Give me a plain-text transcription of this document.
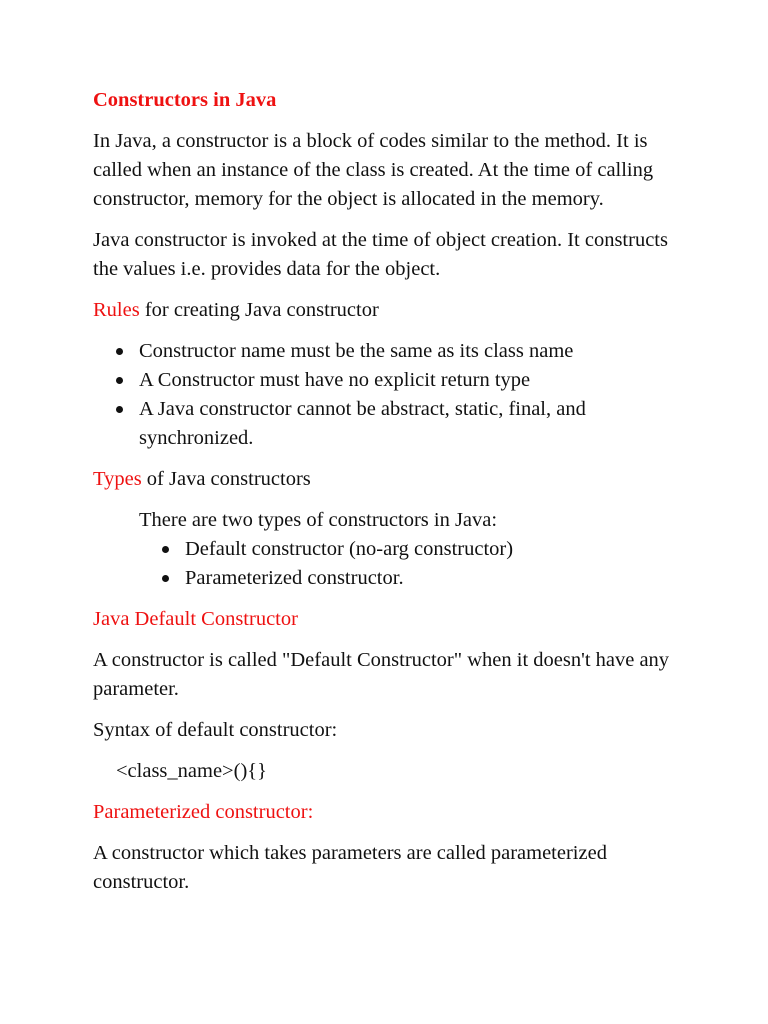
Constructors in Java

In Java, a constructor is a block of codes similar to the method. It is called when an instance of the class is created. At the time of calling constructor, memory for the object is allocated in the memory.

Java constructor is invoked at the time of object creation. It constructs the values i.e. provides data for the object.

Rules for creating Java constructor

Constructor name must be the same as its class name
A Constructor must have no explicit return type
A Java constructor cannot be abstract, static, final, and synchronized.

Types of Java constructors

There are two types of constructors in Java:

Default constructor (no-arg constructor)
Parameterized constructor.

Java Default Constructor

A constructor is called "Default Constructor" when it doesn't have any parameter.

Syntax of default constructor:

<class_name>(){}

Parameterized constructor:

A constructor which takes parameters are called parameterized constructor.
